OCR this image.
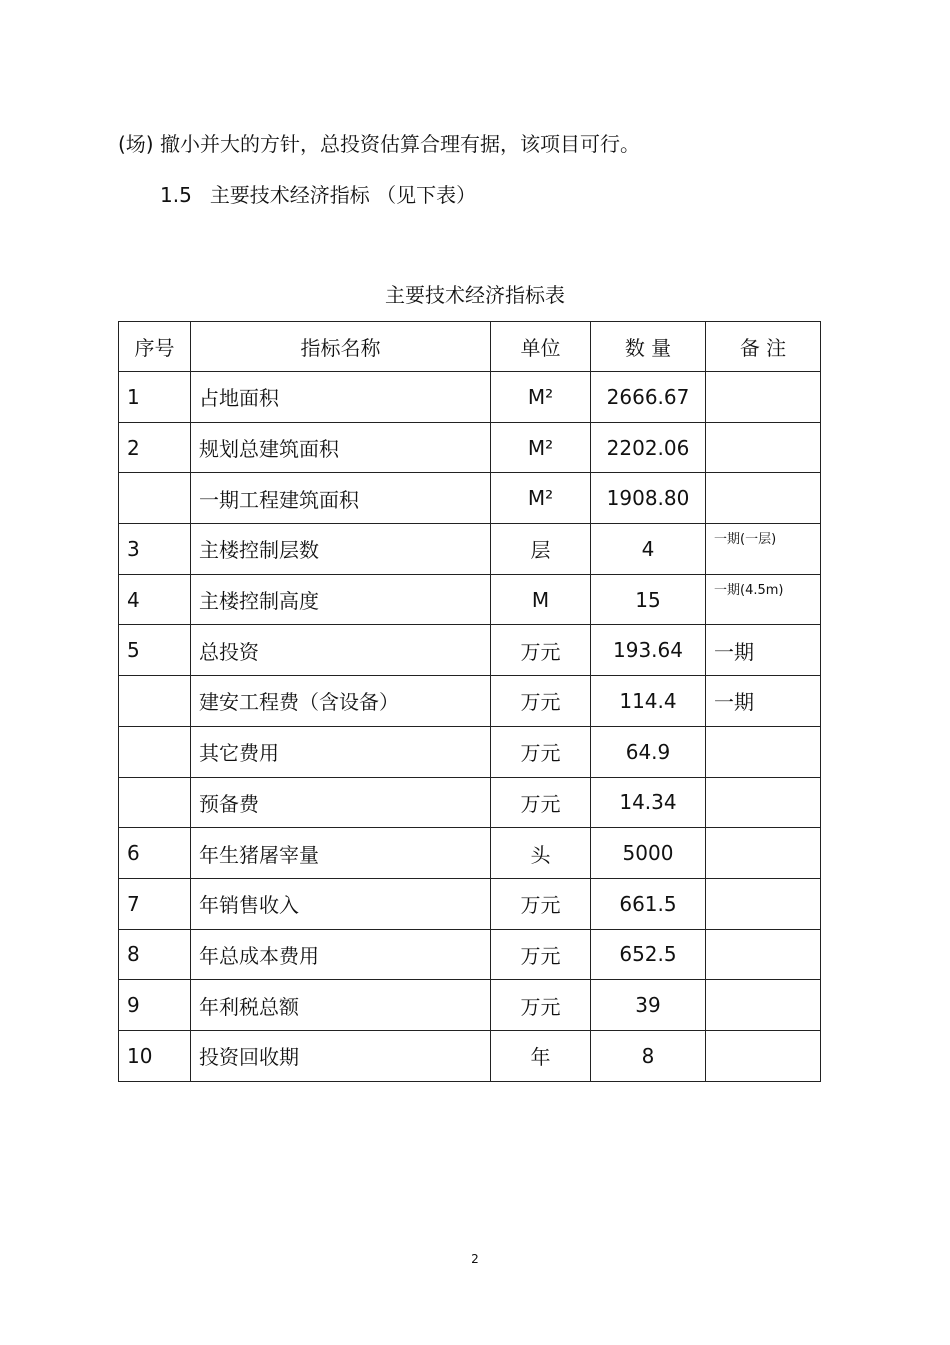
(场) 撤小并大的方针，总投资估算合理有据，该项目可行。
1.5 主要技术经济指标 （见下表）
主要技术经济指标表
序号	指标名称	单位	数 量	备 注
1	占地面积	M²	2666.67	
2	规划总建筑面积	M²	2202.06	
	一期工程建筑面积	M²	1908.80	
3	主楼控制层数	层	4	一期(一层)
4	主楼控制高度	M	15	一期(4.5m)
5	总投资	万元	193.64	一期
	建安工程费（含设备）	万元	114.4	一期
	其它费用	万元	64.9	
	预备费	万元	14.34	
6	年生猪屠宰量	头	5000	
7	年销售收入	万元	661.5	
8	年总成本费用	万元	652.5	
9	年利税总额	万元	39	
10	投资回收期	年	8	
2
